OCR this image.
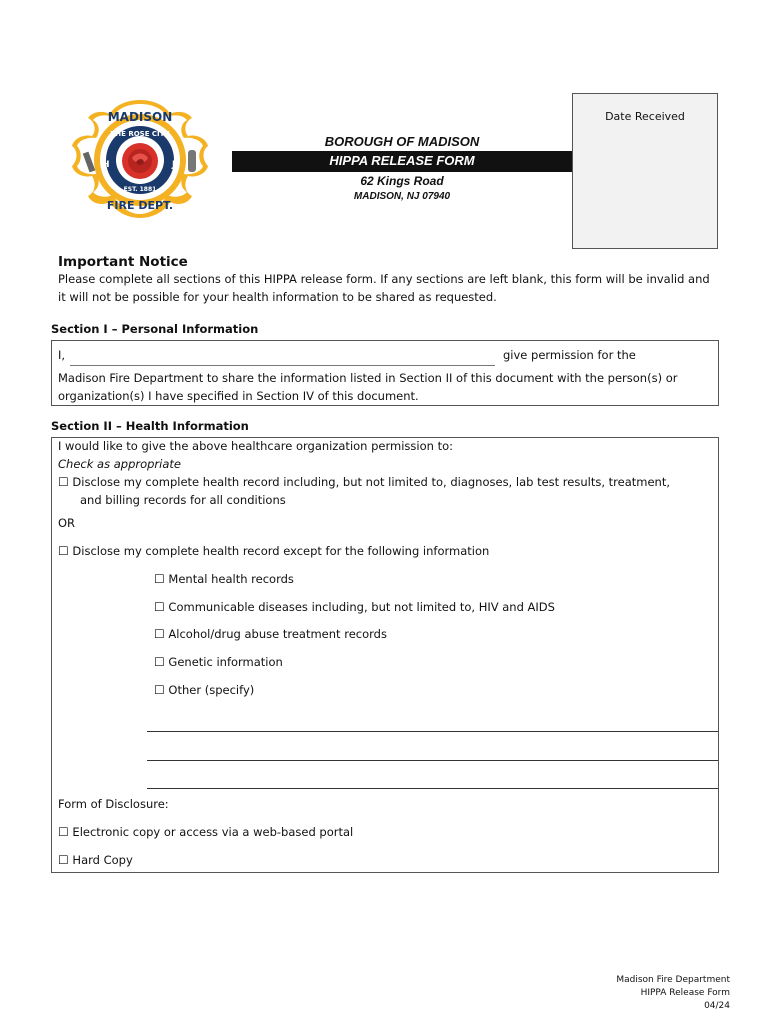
H	J
MADISON
THE ROSE CITY
EST. 1881
FIRE DEPT.
BOROUGH OF MADISON
HIPPA RELEASE FORM
62 Kings Road
MADISON, NJ 07940
Date Received
Important Notice
Please complete all sections of this HIPPA release form. If any sections are left blank, this form will be invalid and
it will not be possible for your health information to be shared as requested.
Section I – Personal Information
I,	give permission for the
Madison Fire Department to share the information listed in Section II of this document with the person(s) or
organization(s) I have specified in Section IV of this document.
Section II – Health Information
I would like to give the above healthcare organization permission to:
Check as appropriate
☐ Disclose my complete health record including, but not limited to, diagnoses, lab test results, treatment,
and billing records for all conditions
OR
☐ Disclose my complete health record except for the following information
☐ Mental health records
☐ Communicable diseases including, but not limited to, HIV and AIDS
☐ Alcohol/drug abuse treatment records
☐ Genetic information
☐ Other (specify)
Form of Disclosure:
☐ Electronic copy or access via a web-based portal
☐ Hard Copy
Madison Fire Department
HIPPA Release Form
04/24
